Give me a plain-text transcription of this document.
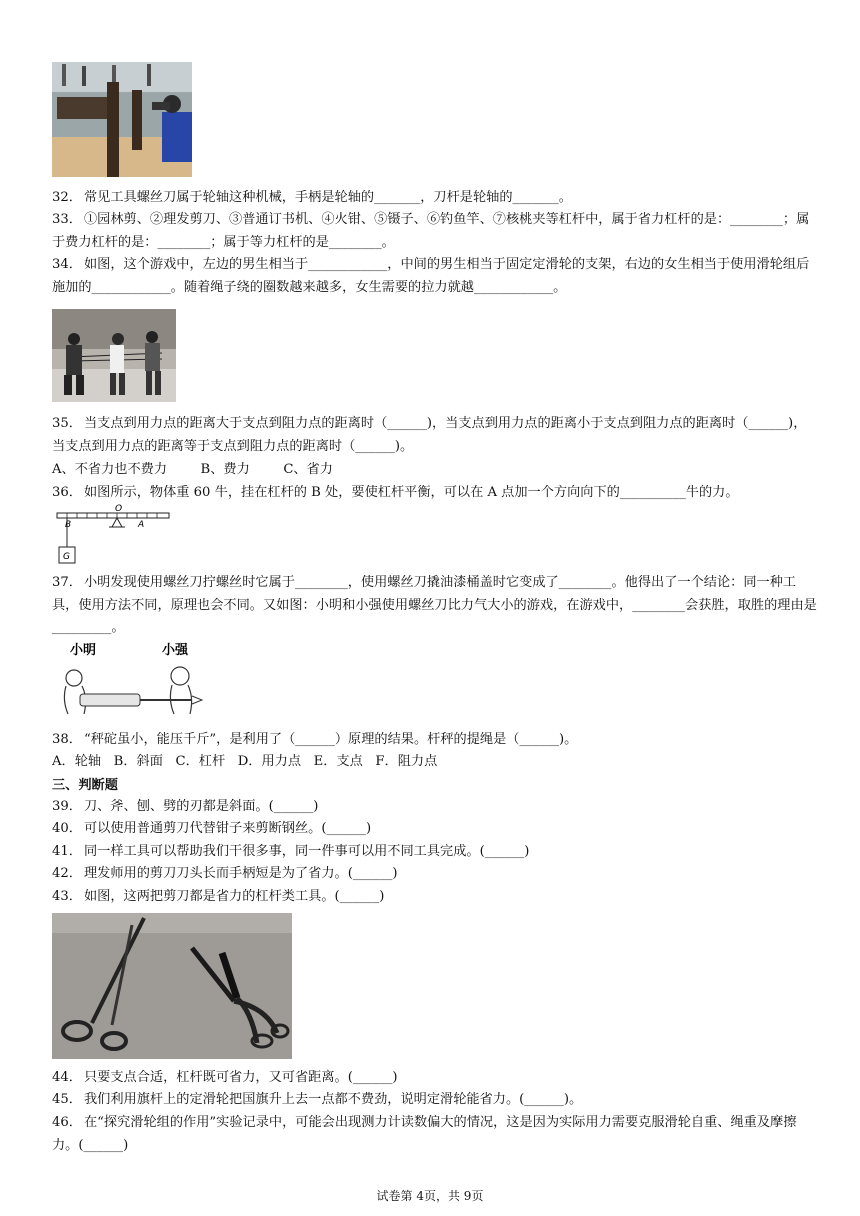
32． 常见工具螺丝刀属于轮轴这种机械，手柄是轮轴的_______，刀杆是轮轴的_______。
33． ①园林剪、②理发剪刀、③普通订书机、④火钳、⑤镊子、⑥钓鱼竿、⑦核桃夹等杠杆中，属于省力杠杆的是：________；属于费力杠杆的是：________；属于等力杠杆的是________。
34． 如图，这个游戏中，左边的男生相当于____________，中间的男生相当于固定定滑轮的支架，右边的女生相当于使用滑轮组后施加的____________。随着绳子绕的圈数越来越多，女生需要的拉力就越____________。
35． 当支点到用力点的距离大于支点到阻力点的距离时（______)，当支点到用力点的距离小于支点到阻力点的距离时（______)，当支点到用力点的距离等于支点到阻力点的距离时（______)。
A、不省力也不费力        B、费力        C、省力
36． 如图所示，物体重 60 牛，挂在杠杆的 B 处，要使杠杆平衡，可以在 A 点加一个方向向下的__________牛的力。
O
B	A
G
37． 小明发现使用螺丝刀拧螺丝时它属于________，使用螺丝刀撬油漆桶盖时它变成了________。他得出了一个结论：同一种工具，使用方法不同，原理也会不同。又如图：小明和小强使用螺丝刀比力气大小的游戏，在游戏中，________会获胜，取胜的理由是_________。
小明	小强
38． “秤砣虽小，能压千斤”，是利用了（______）原理的结果。杆秤的提绳是（______)。
A．轮轴   B．斜面   C．杠杆   D．用力点   E．支点   F．阻力点
三、判断题
39． 刀、斧、刨、劈的刃都是斜面。(______)
40． 可以使用普通剪刀代替钳子来剪断钢丝。(______)
41． 同一样工具可以帮助我们干很多事，同一件事可以用不同工具完成。(______)
42． 理发师用的剪刀刀头长而手柄短是为了省力。(______)
43． 如图，这两把剪刀都是省力的杠杆类工具。(______)
44． 只要支点合适，杠杆既可省力，又可省距离。(______)
45． 我们利用旗杆上的定滑轮把国旗升上去一点都不费劲，说明定滑轮能省力。(______)。
46． 在“探究滑轮组的作用”实验记录中，可能会出现测力计读数偏大的情况，这是因为实际用力需要克服滑轮自重、绳重及摩擦力。(______)
试卷第 4页，共 9页
